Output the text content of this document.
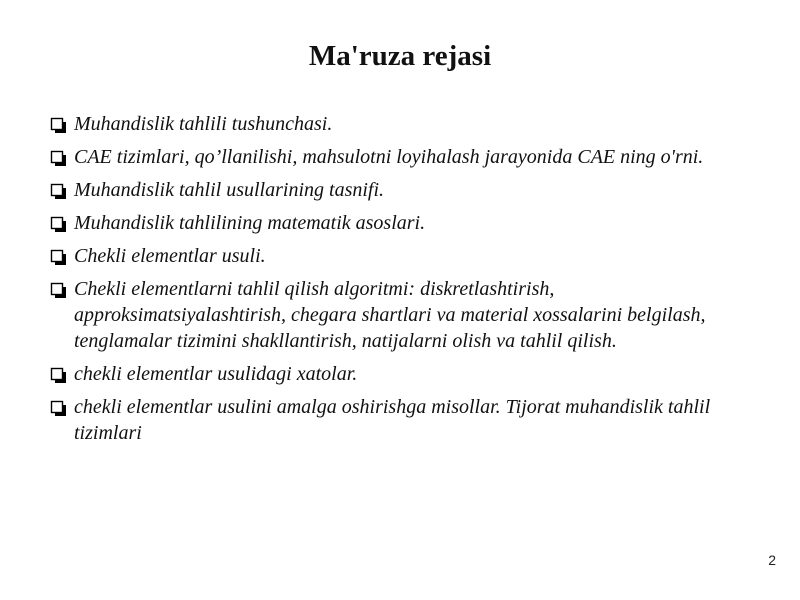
Ma'ruza rejasi
Muhandislik tahlili tushunchasi.
CAE tizimlari, qo’llanilishi, mahsulotni loyihalash jarayonida CAE ning o'rni.
Muhandislik tahlil usullarining tasnifi.
Muhandislik tahlilining matematik asoslari.
Chekli elementlar usuli.
Chekli elementlarni tahlil qilish algoritmi: diskretlashtirish, approksimatsiyalashtirish, chegara shartlari va material xossalarini belgilash, tenglamalar tizimini shakllantirish, natijalarni olish va tahlil qilish.
chekli elementlar usulidagi xatolar.
chekli elementlar usulini amalga oshirishga misollar. Tijorat muhandislik tahlil tizimlari
2
